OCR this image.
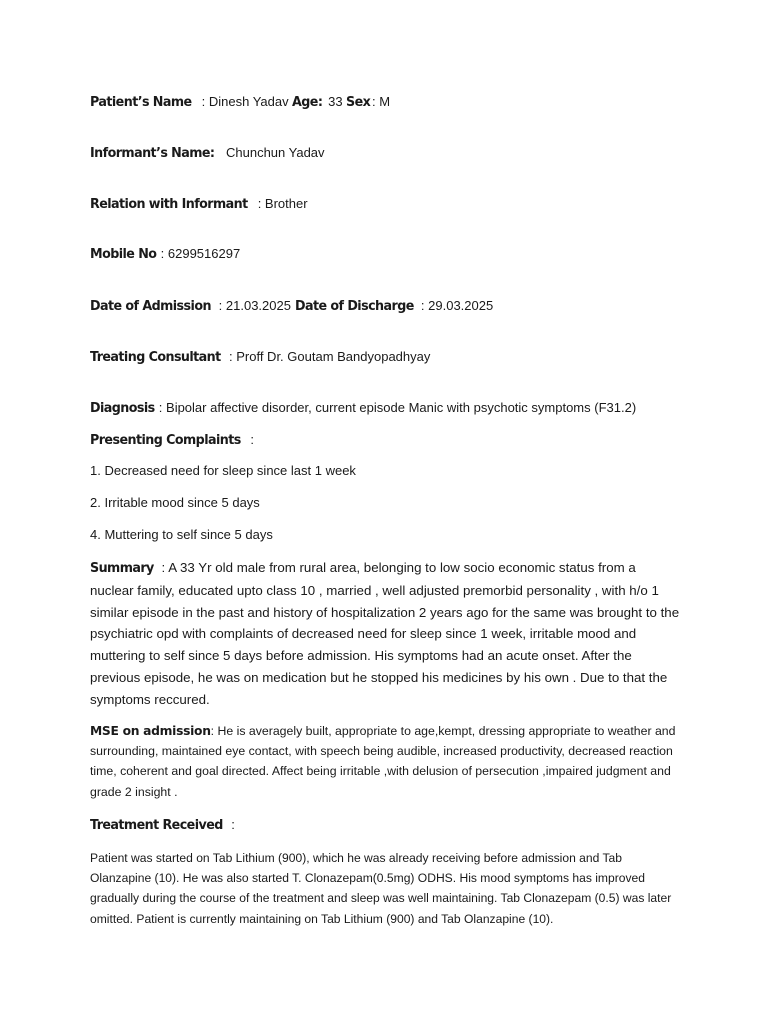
Patient’s Name : Dinesh Yadav Age: 33 Sex : M
Informant’s Name: Chunchun Yadav
Relation with Informant : Brother
Mobile No : 6299516297
Date of Admission : 21.03.2025 Date of Discharge : 29.03.2025
Treating Consultant : Proff Dr. Goutam Bandyopadhyay
Diagnosis : Bipolar affective disorder, current episode Manic with psychotic symptoms (F31.2)
Presenting Complaints :
1. Decreased need for sleep since last 1 week
2. Irritable mood since 5 days
4. Muttering to self since 5 days
Summary : A 33 Yr old male from rural area, belonging to low socio economic status from a nuclear family, educated upto class 10 , married , well adjusted premorbid personality , with h/o 1 similar episode in the past and history of hospitalization 2 years ago for the same was brought to the psychiatric opd with complaints of decreased need for sleep since 1 week, irritable mood and muttering to self since 5 days before admission. His symptoms had an acute onset. After the previous episode, he was on medication but he stopped his medicines by his own . Due to that the symptoms reccured.
MSE on admission: He is averagely built, appropriate to age,kempt, dressing appropriate to weather and surrounding, maintained eye contact, with speech being audible, increased productivity, decreased reaction time, coherent and goal directed. Affect being irritable ,with delusion of persecution ,impaired judgment and grade 2 insight .
Treatment Received :
Patient was started on Tab Lithium (900), which he was already receiving before admission and Tab Olanzapine (10). He was also started T. Clonazepam(0.5mg) ODHS. His mood symptoms has improved gradually during the course of the treatment and sleep was well maintaining. Tab Clonazepam (0.5) was later omitted. Patient is currently maintaining on Tab Lithium (900) and Tab Olanzapine (10).
